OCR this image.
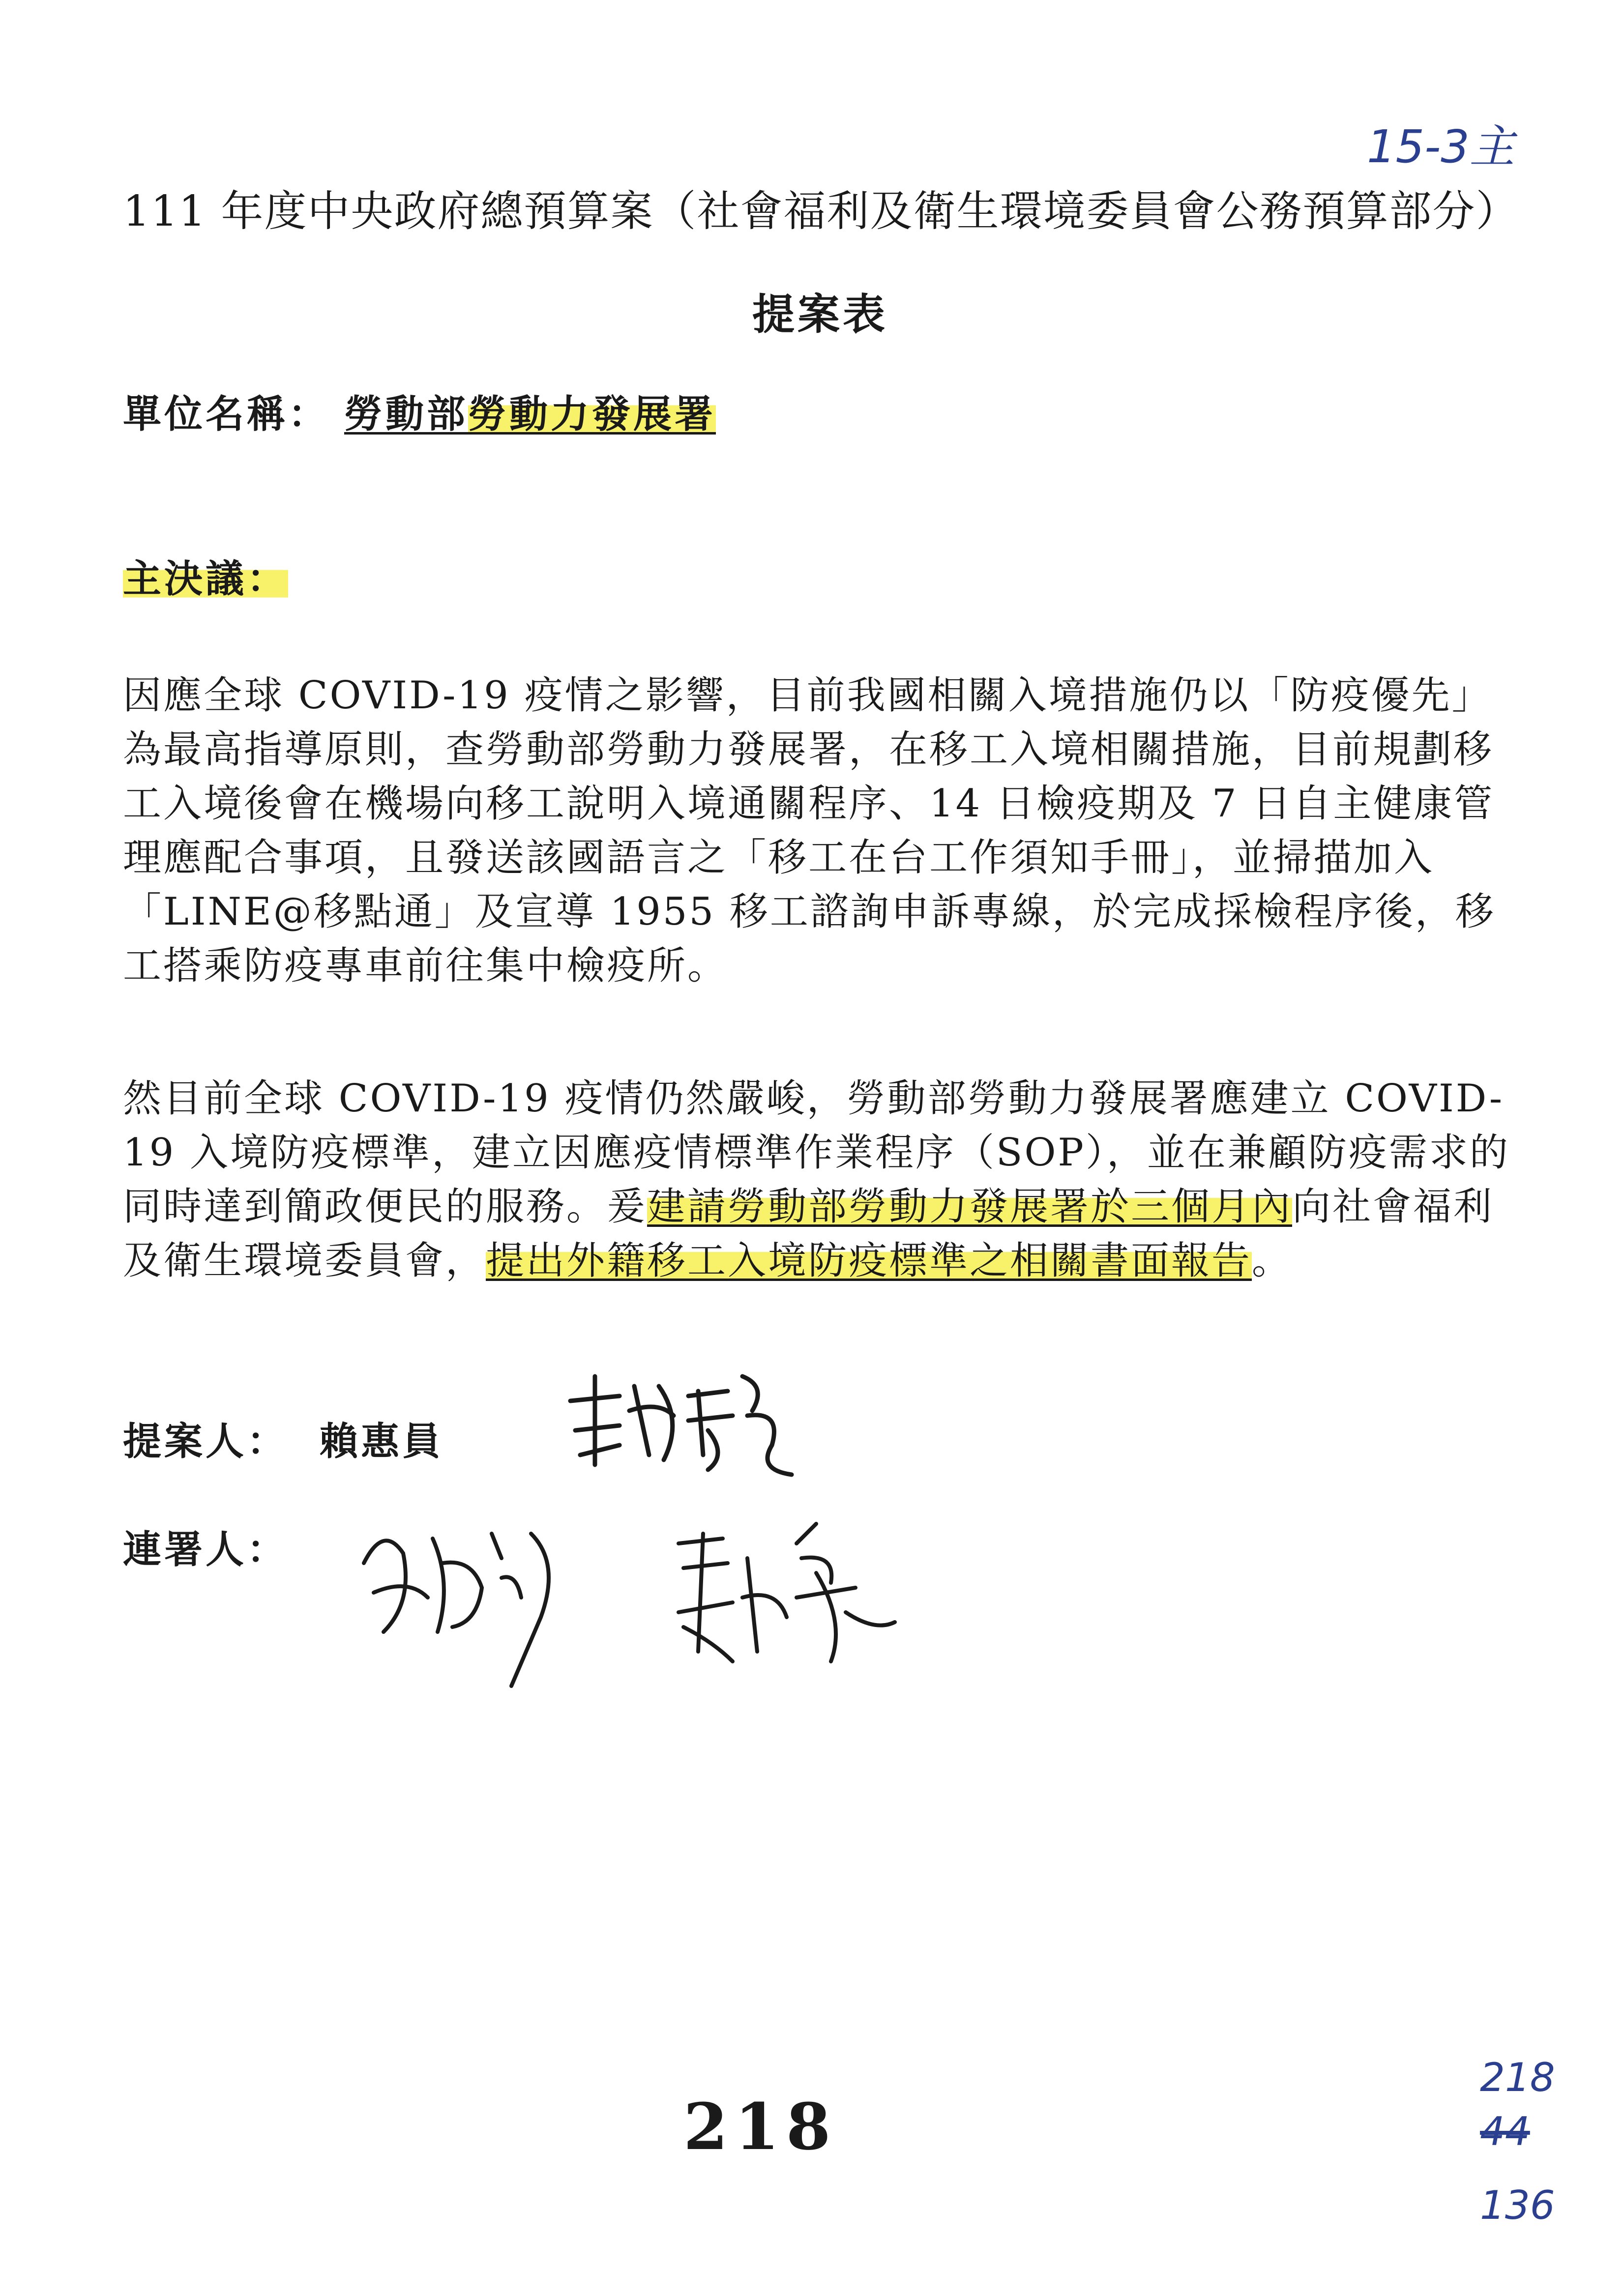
15-3主
111 年度中央政府總預算案（社會福利及衛生環境委員會公務預算部分）
提案表
單位名稱： 勞動部勞動力發展署
主決議：
因應全球 COVID-19 疫情之影響，目前我國相關入境措施仍以「防疫優先」為最高指導原則，查勞動部勞動力發展署，在移工入境相關措施，目前規劃移工入境後會在機場向移工說明入境通關程序、14 日檢疫期及 7 日自主健康管理應配合事項，且發送該國語言之「移工在台工作須知手冊」，並掃描加入「LINE@移點通」及宣導 1955 移工諮詢申訴專線，於完成採檢程序後，移工搭乘防疫專車前往集中檢疫所。
然目前全球 COVID-19 疫情仍然嚴峻，勞動部勞動力發展署應建立 COVID-19 入境防疫標準，建立因應疫情標準作業程序（SOP），並在兼顧防疫需求的同時達到簡政便民的服務。爰建請勞動部勞動力發展署於三個月內向社會福利及衛生環境委員會，提出外籍移工入境防疫標準之相關書面報告。
提案人： 賴惠員
連署人：
218
218
44
136
